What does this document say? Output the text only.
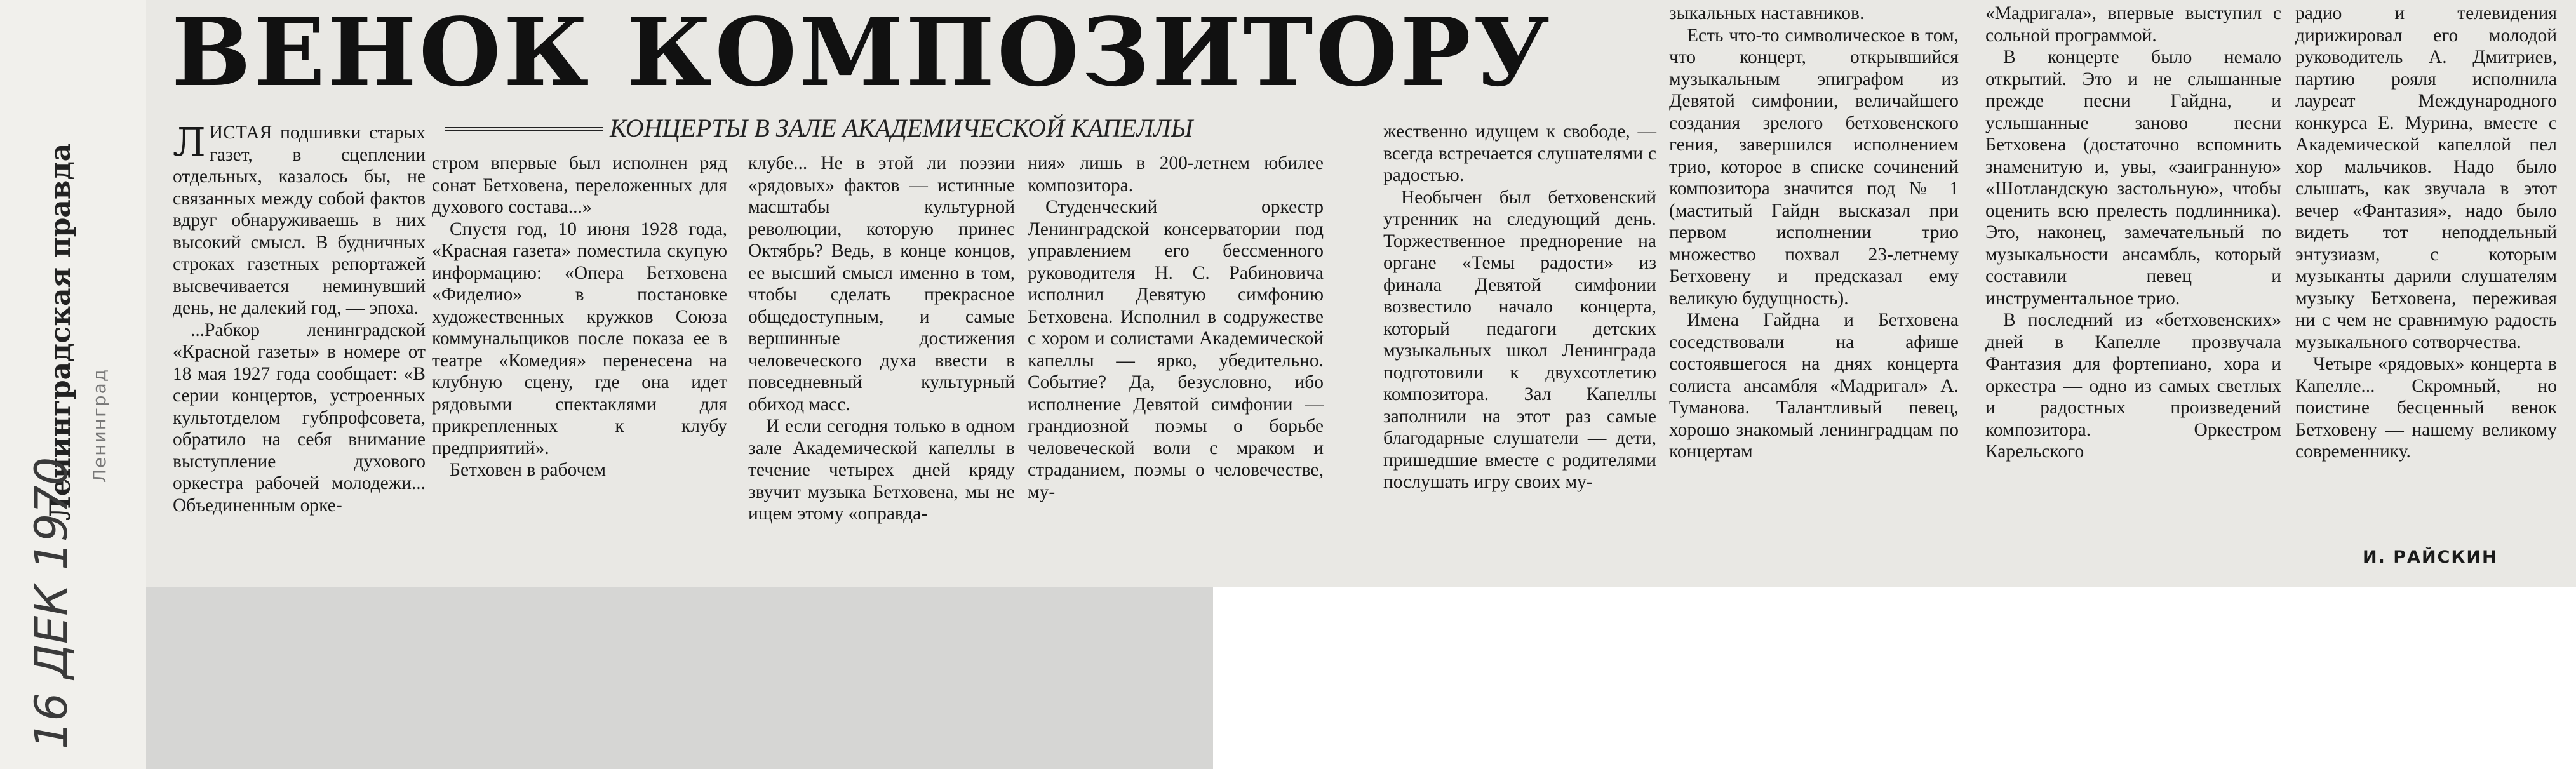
Ленинградская правда Ленинград
16 ДЕК 1970
ВЕНОК КОМПОЗИТОРУ
КОНЦЕРТЫ В ЗАЛЕ АКАДЕМИЧЕСКОЙ КАПЕЛЛЫ

ЛИСТАЯ подшивки старых газет, в сцеплении отдельных, казалось бы, не связанных между собой фактов вдруг обнаруживаешь в них высокий смысл. В будничных строках газетных репортажей высвечивается неминувший день, не далекий год, — эпоха.

...Рабкор ленинградской «Красной газеты» в номере от 18 мая 1927 года сообщает: «В серии концертов, устроенных культотделом губпрофсовета, обратило на себя внимание выступление духового оркестра рабочей молодежи... Объединенным орке-

стром впервые был исполнен ряд сонат Бетховена, переложенных для духового состава...»

Спустя год, 10 июня 1928 года, «Красная газета» поместила скупую информацию: «Опера Бетховена «Фиделио» в постановке художественных кружков Союза коммунальщиков после показа ее в театре «Комедия» перенесена на клубную сцену, где она идет рядовыми спектаклями для прикрепленных к клубу предприятий».

Бетховен в рабочем

клубе... Не в этой ли поэзии «рядовых» фактов — истинные масштабы культурной революции, которую принес Октябрь? Ведь, в конце концов, ее высший смысл именно в том, чтобы сделать прекрасное общедоступным, и самые вершинные достижения человеческого духа ввести в повседневный культурный обиход масс.

И если сегодня только в одном зале Академической капеллы в течение четырех дней кряду звучит музыка Бетховена, мы не ищем этому «оправда-

ния» лишь в 200-летнем юбилее композитора.

Студенческий оркестр Ленинградской консерватории под управлением его бессменного руководителя Н. С. Рабиновича исполнил Девятую симфонию Бетховена. Исполнил в содружестве с хором и солистами Академической капеллы — ярко, убедительно. Событие? Да, безусловно, ибо исполнение Девятой симфонии — грандиозной поэмы о борьбе человеческой воли с мраком и страданием, поэмы о человечестве, му-

жественно идущем к свободе, — всегда встречается слушателями с радостью.

Необычен был бетховенский утренник на следующий день. Торжественное преднорение на органе «Темы радости» из финала Девятой симфонии возвестило начало концерта, который педагоги детских музыкальных школ Ленинграда подготовили к двухсотлетию композитора. Зал Капеллы заполнили на этот раз самые благодарные слушатели — дети, пришедшие вместе с родителями послушать игру своих му-

зыкальных наставников.

Есть что-то символическое в том, что концерт, открывшийся музыкальным эпиграфом из Девятой симфонии, величайшего создания зрелого бетховенского гения, завершился исполнением трио, которое в списке сочинений композитора значится под № 1 (маститый Гайдн высказал при первом исполнении трио множество похвал 23-летнему Бетховену и предсказал ему великую будущность).

Имена Гайдна и Бетховена соседствовали на афише состоявшегося на днях концерта солиста ансамбля «Мадригал» А. Туманова. Талантливый певец, хорошо знакомый ленинградцам по концертам

«Мадригала», впервые выступил с сольной программой.

В концерте было немало открытий. Это и не слышанные прежде песни Гайдна, и услышанные заново песни Бетховена (достаточно вспомнить знаменитую и, увы, «заигранную» «Шотландскую застольную», чтобы оценить всю прелесть подлинника). Это, наконец, замечательный по музыкальности ансамбль, который составили певец и инструментальное трио.

В последний из «бетховенских» дней в Капелле прозвучала Фантазия для фортепиано, хора и оркестра — одно из самых светлых и радостных произведений композитора. Оркестром Карельского

радио и телевидения дирижировал его молодой руководитель А. Дмитриев, партию рояля исполнила лауреат Международного конкурса Е. Мурина, вместе с Академической капеллой пел хор мальчиков. Надо было слышать, как звучала в этот вечер «Фантазия», надо было видеть тот неподдельный энтузиазм, с которым музыканты дарили слушателям музыку Бетховена, переживая ни с чем не сравнимую радость музыкального сотворчества.

Четыре «рядовых» концерта в Капелле... Скромный, но поистине бесценный венок Бетховену — нашему великому современнику.

И. РАЙСКИН
